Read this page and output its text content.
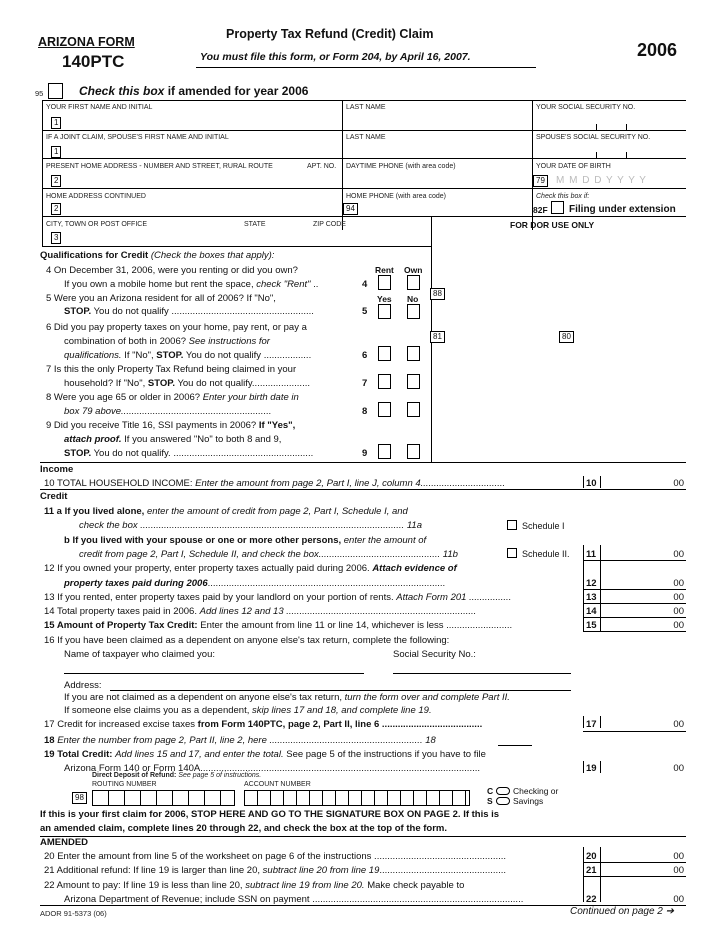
ARIZONA FORM
140PTC
Property Tax Refund (Credit) Claim
You must file this form, or Form 204, by April 16, 2007.	2006
95	Check this box if amended for year 2006
YOUR FIRST NAME AND INITIAL	LAST NAME	YOUR SOCIAL SECURITY NO.
1
IF A JOINT CLAIM, SPOUSE'S FIRST NAME AND INITIAL	LAST NAME	SPOUSE'S SOCIAL SECURITY NO.
1
PRESENT HOME ADDRESS - NUMBER AND STREET, RURAL ROUTE	APT. NO. DAYTIME PHONE (with area code)	YOUR DATE OF BIRTH
2	79	M M D D Y Y Y Y
HOME ADDRESS CONTINUED	HOME PHONE (with area code)	Check this box if:
2	94	82F Filing under extension
CITY, TOWN OR POST OFFICE	STATE	ZIP CODE	FOR DOR USE ONLY
3
Qualifications for Credit (Check the boxes that apply):
Rent Own
4 On December 31, 2006, were you renting or did you own?
If you own a mobile home but rent the space, check "Rent" ..	4
Yes No
88
5 Were you an Arizona resident for all of 2006? If "No",
STOP. You do not qualify ......................................................	5
6 Did you pay property taxes on your home, pay rent, or pay a
combination of both in 2006? See instructions for
qualifications. If "No", STOP. You do not qualify ..................	6
81	80
7 Is this the only Property Tax Refund being claimed in your
household? If "No", STOP. You do not qualify......................	7
8 Were you age 65 or older in 2006? Enter your birth date in
box 79 above.........................................................	8
9 Did you receive Title 16, SSI payments in 2006? If "Yes",
attach proof. If you answered "No" to both 8 and 9,
STOP. You do not qualify. .....................................................	9
Income
10 TOTAL HOUSEHOLD INCOME: Enter the amount from page 2, Part I, line J, column 4................................	10	00
Credit
11 a If you lived alone, enter the amount of credit from page 2, Part I, Schedule I, and
check the box .................................................................................................... 11a	Schedule I
b If you lived with your spouse or one or more other persons, enter the amount of
credit from page 2, Part I, Schedule II, and check the box.............................................. 11b	Schedule II. 11	00
12 If you owned your property, enter property taxes actually paid during 2006. Attach evidence of
property taxes paid during 2006..........................................................................................	12	00
13 If you rented, enter property taxes paid by your landlord on your portion of rents. Attach Form 201 ................	13	00
14 Total property taxes paid in 2006. Add lines 12 and 13 ........................................................................	14	00
15 Amount of Property Tax Credit: Enter the amount from line 11 or line 14, whichever is less .........................	15	00
16 If you have been claimed as a dependent on anyone else's tax return, complete the following:
Name of taxpayer who claimed you:	Social Security No.:
Address:
If you are not claimed as a dependent on anyone else's tax return, turn the form over and complete Part II.
If someone else claims you as a dependent, skip lines 17 and 18, and complete line 19.
17 Credit for increased excise taxes from Form 140PTC, page 2, Part II, line 6 ......................................	17	00
18 Enter the number from page 2, Part II, line 2, here .......................................................... 18
19 Total Credit: Add lines 15 and 17, and enter the total. See page 5 of the instructions if you have to file
Arizona Form 140 or Form 140A..........................................................................................................	19	00
Direct Deposit of Refund: See page 5 of instructions.
ROUTING NUMBER	ACCOUNT NUMBER
98
C
S
Checking or
Savings
If this is your first claim for 2006, STOP HERE AND GO TO THE SIGNATURE BOX ON PAGE 2. If this is
an amended claim, complete lines 20 through 22, and check the box at the top of the form.
AMENDED
20 Enter the amount from line 5 of the worksheet on page 6 of the instructions ..................................................	20	00
21 Additional refund: If line 19 is larger than line 20, subtract line 20 from line 19................................................	21	00
22 Amount to pay: If line 19 is less than line 20, subtract line 19 from line 20. Make check payable to
Arizona Department of Revenue; include SSN on payment ................................................................................	22	00
ADOR 91-5373 (06)	Continued on page 2 ➔
